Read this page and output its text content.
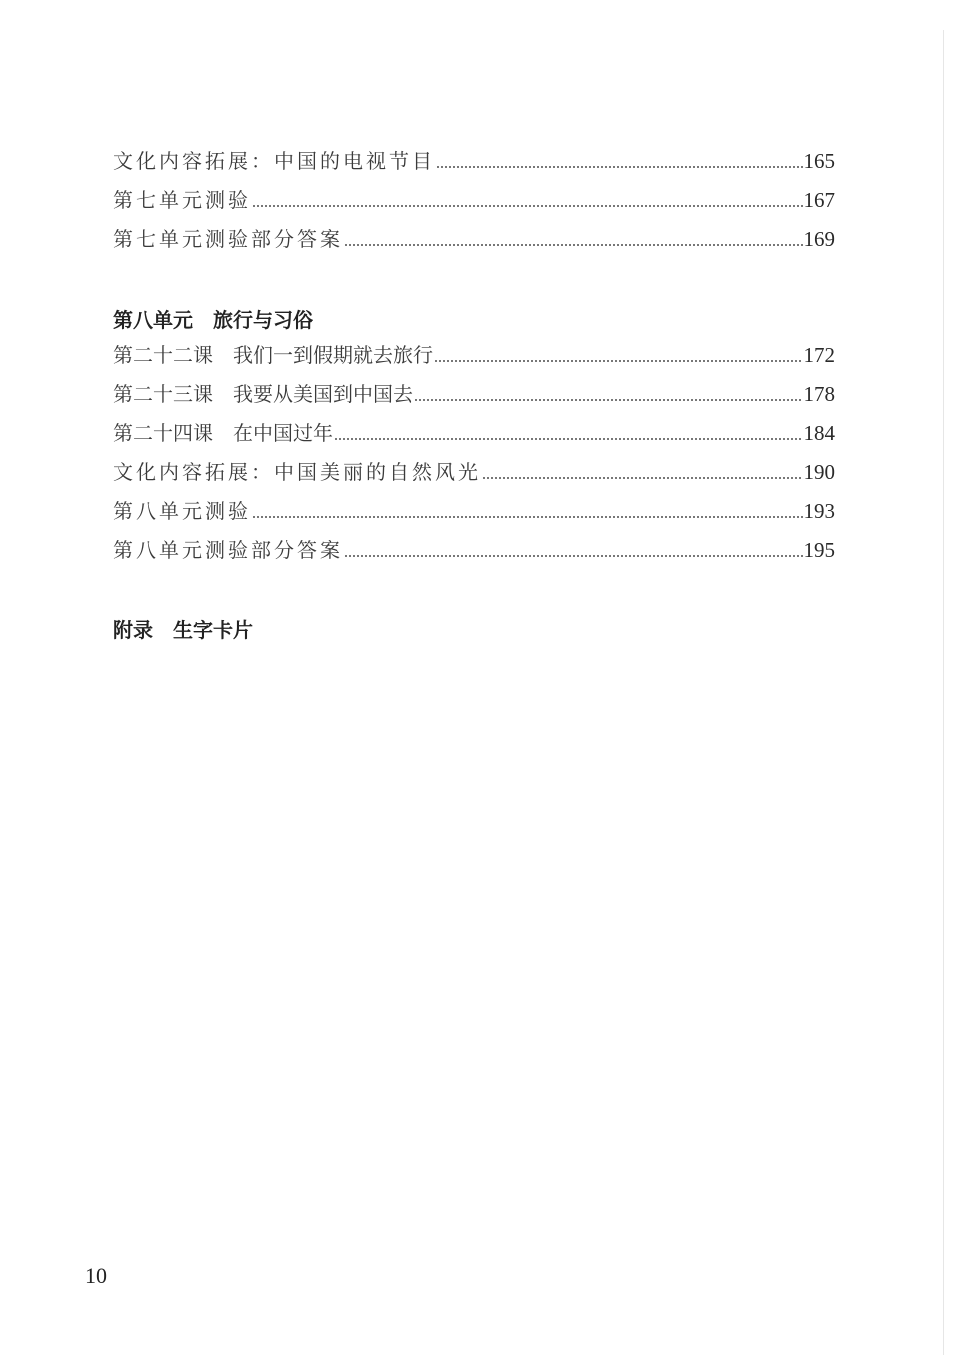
文化内容拓展：中国的电视节目	165
第七单元测验	167
第七单元测验部分答案	169
第八单元　旅行与习俗
第二十二课　我们一到假期就去旅行	172
第二十三课　我要从美国到中国去	178
第二十四课　在中国过年	184
文化内容拓展：中国美丽的自然风光	190
第八单元测验	193
第八单元测验部分答案	195
附录　生字卡片
10
